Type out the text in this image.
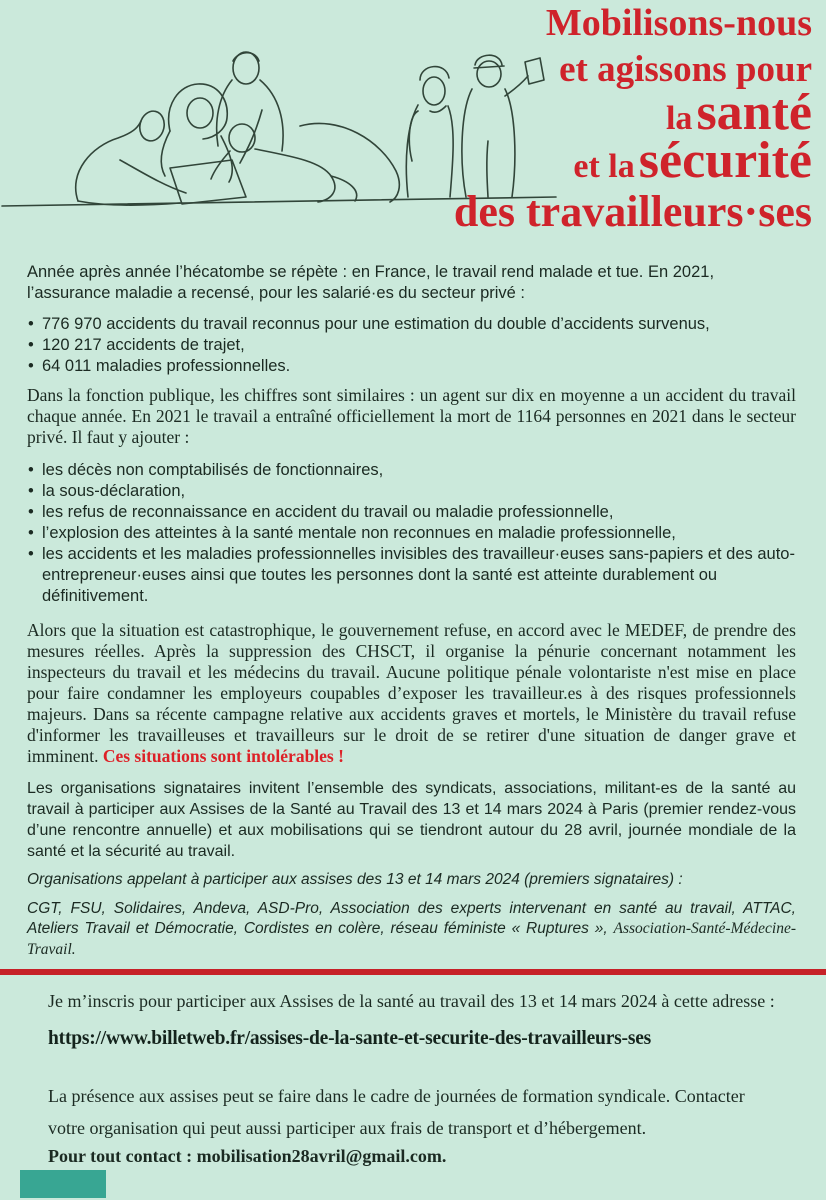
Mobilisons-nous
et agissons pour
la santé
et la sécurité
des travailleurs·ses

Année après année l’hécatombe se répète : en France, le travail rend malade et tue. En 2021, l’assurance maladie a recensé, pour les salarié·es du secteur privé :

• 776 970 accidents du travail reconnus pour une estimation du double d’accidents survenus,
• 120 217 accidents de trajet,
• 64 011 maladies professionnelles.

Dans la fonction publique, les chiffres sont similaires : un agent sur dix en moyenne a un accident du travail chaque année. En 2021 le travail a entraîné officiellement la mort de 1164 personnes en 2021 dans le secteur privé. Il faut y ajouter :

• les décès non comptabilisés de fonctionnaires,
• la sous-déclaration,
• les refus de reconnaissance en accident du travail ou maladie professionnelle,
• l’explosion des atteintes à la santé mentale non reconnues en maladie professionnelle,
• les accidents et les maladies professionnelles invisibles des travailleur·euses sans-papiers et des auto-entrepreneur·euses ainsi que toutes les personnes dont la santé est atteinte durablement ou définitivement.

Alors que la situation est catastrophique, le gouvernement refuse, en accord avec le MEDEF, de prendre des mesures réelles. Après la suppression des CHSCT, il organise la pénurie concernant notamment les inspecteurs du travail et les médecins du travail. Aucune politique pénale volontariste n'est mise en place pour faire condamner les employeurs coupables d’exposer les travailleur.es à des risques professionnels majeurs. Dans sa récente campagne relative aux accidents graves et mortels, le Ministère du travail refuse d'informer les travailleuses et travailleurs sur le droit de se retirer d'une situation de danger grave et imminent. Ces situations sont intolérables !

Les organisations signataires invitent l’ensemble des syndicats, associations, militant-es de la santé au travail à participer aux Assises de la Santé au Travail des 13 et 14 mars 2024 à Paris (premier rendez-vous d’une rencontre annuelle) et aux mobilisations qui se tiendront autour du 28 avril, journée mondiale de la santé et la sécurité au travail.

Organisations appelant à participer aux assises des 13 et 14 mars 2024 (premiers signataires) :

CGT, FSU, Solidaires, Andeva, ASD-Pro, Association des experts intervenant en santé au travail, ATTAC, Ateliers Travail et Démocratie, Cordistes en colère, réseau féministe « Ruptures », Association-Santé-Médecine-Travail.

Je m’inscris pour participer aux Assises de la santé au travail des 13 et 14 mars 2024 à cette adresse :

https://www.billetweb.fr/assises-de-la-sante-et-securite-des-travailleurs-ses

La présence aux assises peut se faire dans le cadre de journées de formation syndicale. Contacter

votre organisation qui peut aussi participer aux frais de transport et d’hébergement.

Pour tout contact : mobilisation28avril@gmail.com.
